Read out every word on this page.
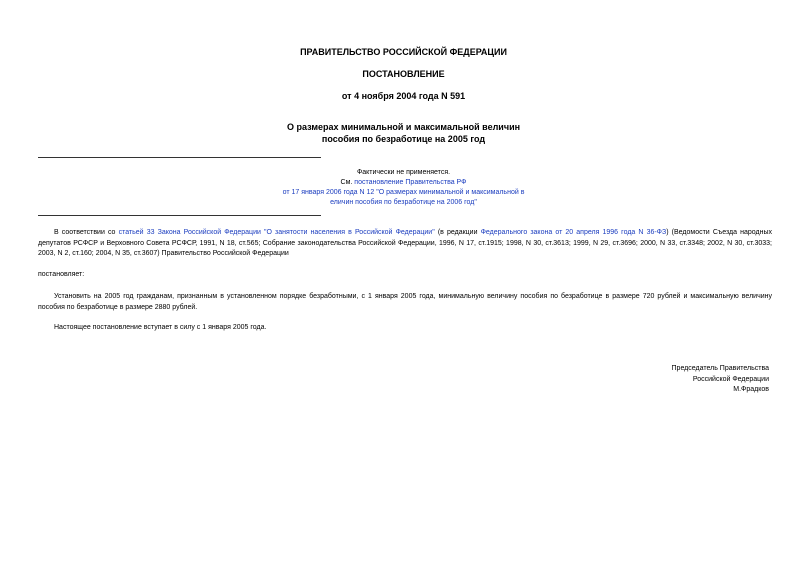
ПРАВИТЕЛЬСТВО РОССИЙСКОЙ ФЕДЕРАЦИИ
ПОСТАНОВЛЕНИЕ
от 4 ноября 2004 года N 591
О размерах минимальной и максимальной величин
пособия по безработице на 2005 год
Фактически не применяется.
См. постановление Правительства РФ
от 17 января 2006 года N 12 "О размерах минимальной и максимальной в
еличин пособия по безработице на 2006 год"
В соответствии со статьей 33 Закона Российской Федерации "О занятости населения в Российской Федерации" (в редакции Федерального закона от 20 апреля 1996 года N 36-ФЗ) (Ведомости Съезда народных депутатов РСФСР и Верховного Совета РСФСР, 1991, N 18, ст.565; Собрание законодательства Российской Федерации, 1996, N 17, ст.1915; 1998, N 30, ст.3613; 1999, N 29, ст.3696; 2000, N 33, ст.3348; 2002, N 30, ст.3033; 2003, N 2, ст.160; 2004, N 35, ст.3607) Правительство Российской Федерации
постановляет:
Установить на 2005 год гражданам, признанным в установленном порядке безработными, с 1 января 2005 года, минимальную величину пособия по безработице в размере 720 рублей и максимальную величину пособия по безработице в размере 2880 рублей.
Настоящее постановление вступает в силу с 1 января 2005 года.
Председатель Правительства
Российской Федерации
М.Фрадков
